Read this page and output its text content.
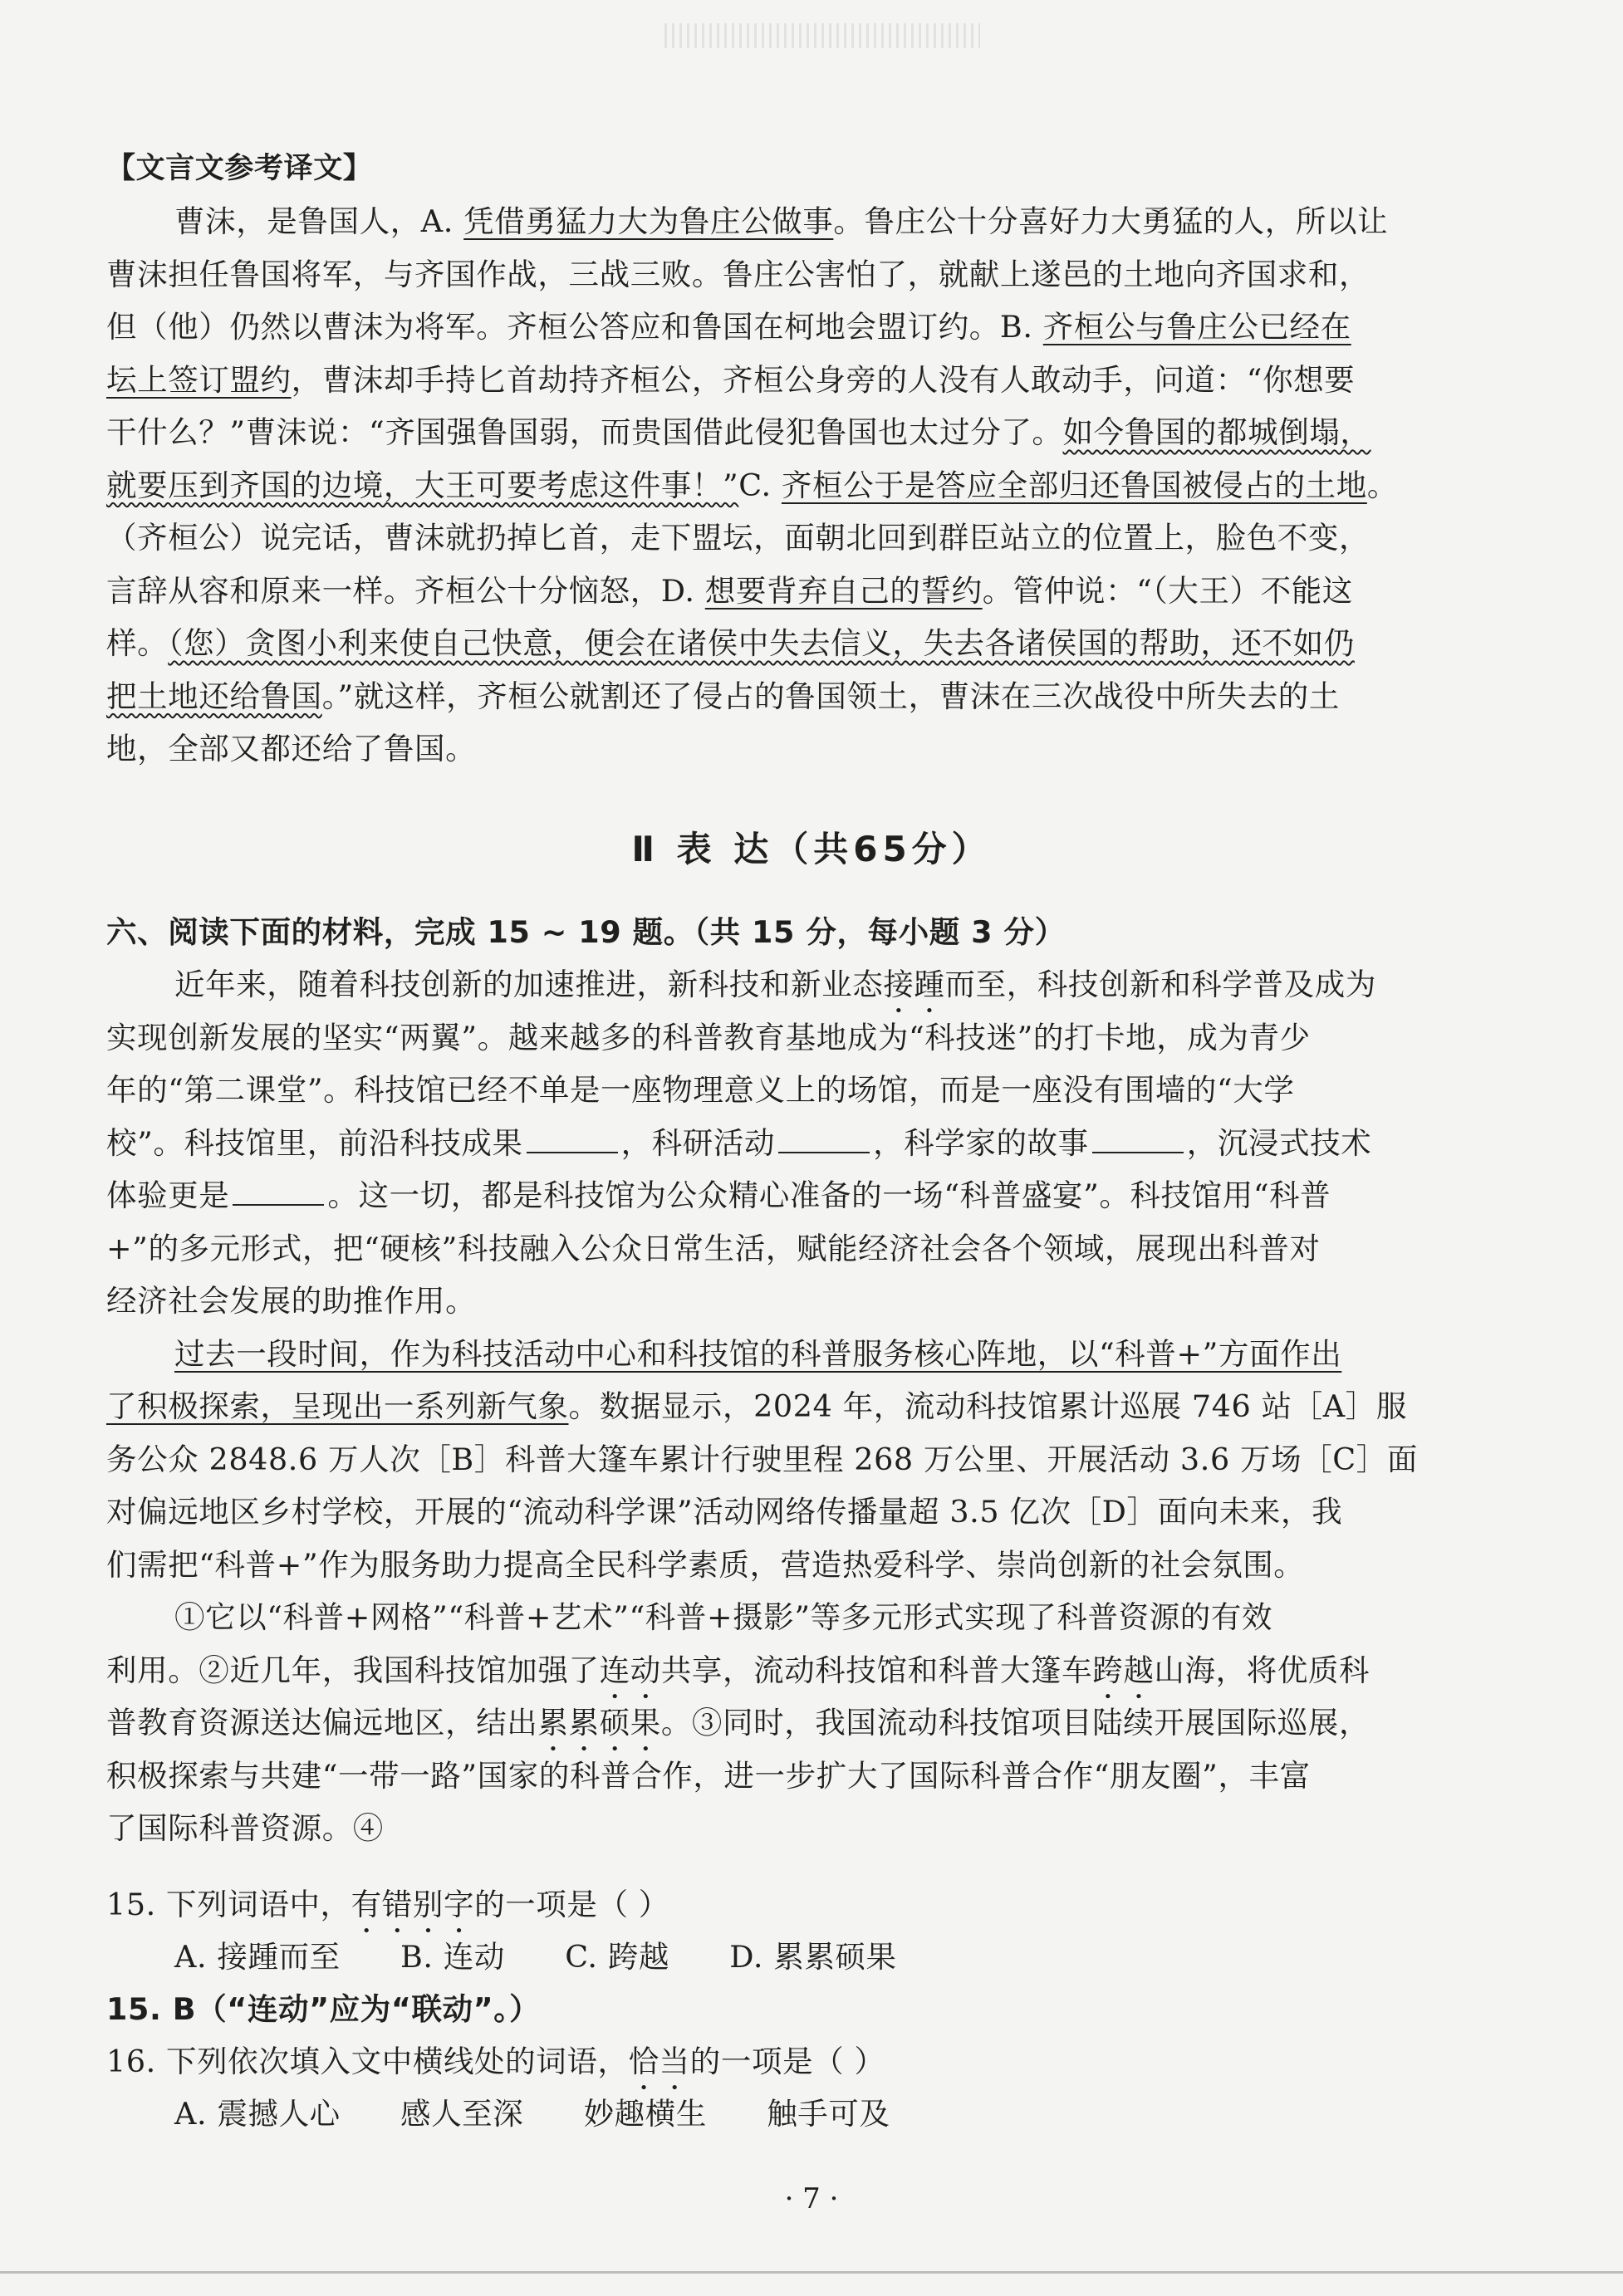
【文言文参考译文】
曹沫，是鲁国人，A. 凭借勇猛力大为鲁庄公做事。鲁庄公十分喜好力大勇猛的人，所以让
曹沫担任鲁国将军，与齐国作战，三战三败。鲁庄公害怕了，就献上遂邑的土地向齐国求和，
但（他）仍然以曹沫为将军。齐桓公答应和鲁国在柯地会盟订约。B. 齐桓公与鲁庄公已经在
坛上签订盟约，曹沫却手持匕首劫持齐桓公，齐桓公身旁的人没有人敢动手，问道：“你想要
干什么？”曹沫说：“齐国强鲁国弱，而贵国借此侵犯鲁国也太过分了。如今鲁国的都城倒塌，
就要压到齐国的边境，大王可要考虑这件事！”C. 齐桓公于是答应全部归还鲁国被侵占的土地。
（齐桓公）说完话，曹沫就扔掉匕首，走下盟坛，面朝北回到群臣站立的位置上，脸色不变，
言辞从容和原来一样。齐桓公十分恼怒，D. 想要背弃自己的誓约。管仲说：“（大王）不能这
样。（您）贪图小利来使自己快意，便会在诸侯中失去信义，失去各诸侯国的帮助，还不如仍
把土地还给鲁国。”就这样，齐桓公就割还了侵占的鲁国领土，曹沫在三次战役中所失去的土
地，全部又都还给了鲁国。
Ⅱ 表 达（共65分）
六、阅读下面的材料，完成 15 ~ 19 题。（共 15 分，每小题 3 分）
近年来，随着科技创新的加速推进，新科技和新业态接踵而至，科技创新和科学普及成为
实现创新发展的坚实“两翼”。越来越多的科普教育基地成为“科技迷”的打卡地，成为青少
年的“第二课堂”。科技馆已经不单是一座物理意义上的场馆，而是一座没有围墙的“大学
校”。科技馆里，前沿科技成果	，科研活动	，科学家的故事	，沉浸式技术
体验更是	。这一切，都是科技馆为公众精心准备的一场“科普盛宴”。科技馆用“科普
+”的多元形式，把“硬核”科技融入公众日常生活，赋能经济社会各个领域，展现出科普对
经济社会发展的助推作用。
过去一段时间，作为科技活动中心和科技馆的科普服务核心阵地，以“科普+”方面作出
了积极探索，呈现出一系列新气象。数据显示，2024 年，流动科技馆累计巡展 746 站［A］服
务公众 2848.6 万人次［B］科普大篷车累计行驶里程 268 万公里、开展活动 3.6 万场［C］面
对偏远地区乡村学校，开展的“流动科学课”活动网络传播量超 3.5 亿次［D］面向未来，我
们需把“科普+”作为服务助力提高全民科学素质，营造热爱科学、崇尚创新的社会氛围。
①它以“科普+网格”“科普+艺术”“科普+摄影”等多元形式实现了科普资源的有效
利用。②近几年，我国科技馆加强了连动共享，流动科技馆和科普大篷车跨越山海，将优质科
普教育资源送达偏远地区，结出累累硕果。③同时，我国流动科技馆项目陆续开展国际巡展，
积极探索与共建“一带一路”国家的科普合作，进一步扩大了国际科普合作“朋友圈”，丰富
了国际科普资源。④
15. 下列词语中，有错别字的一项是（ ）
A. 接踵而至 B. 连动 C. 跨越 D. 累累硕果
15. B（“连动”应为“联动”。）
16. 下列依次填入文中横线处的词语，恰当的一项是（ ）
A. 震撼人心 感人至深 妙趣横生 触手可及
· 7 ·
